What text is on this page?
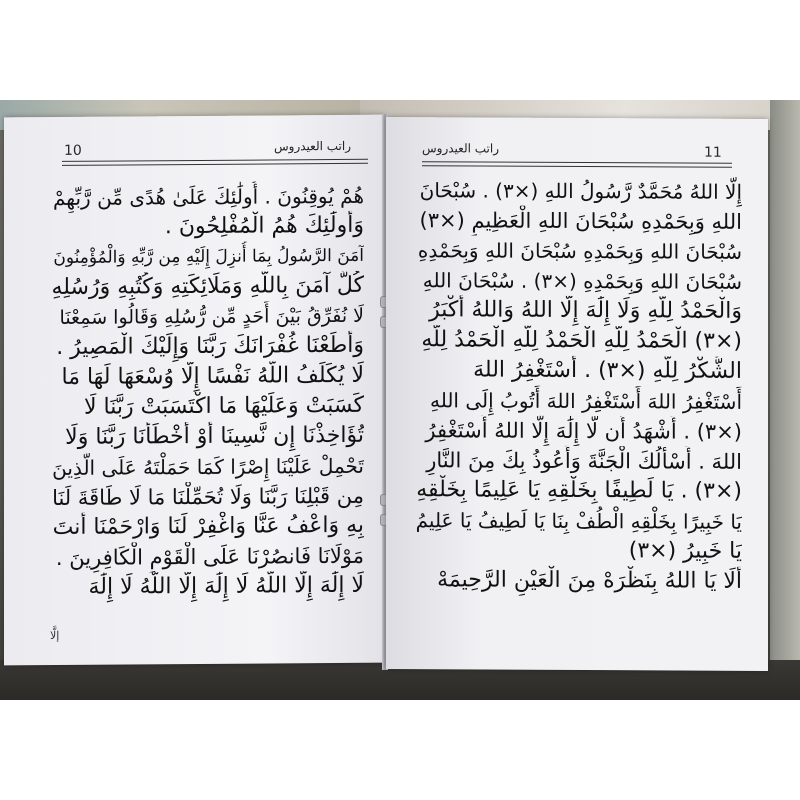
10	راتب العيدروس
هُمْ يُوقِنُونَ . أُولَٰئِكَ عَلَىٰ هُدًى مِّن رَّبِّهِمْ
وَأُولَٰئِكَ هُمُ الْمُفْلِحُونَ .
آمَنَ الرَّسُولُ بِمَا أُنزِلَ إِلَيْهِ مِن رَّبِّهِ وَالْمُؤْمِنُونَ
كُلٌّ آمَنَ بِاللَّهِ وَمَلَائِكَتِهِ وَكُتُبِهِ وَرُسُلِهِ
لَا نُفَرِّقُ بَيْنَ أَحَدٍ مِّن رُّسُلِهِ وَقَالُوا سَمِعْنَا
وَأَطَعْنَا غُفْرَانَكَ رَبَّنَا وَإِلَيْكَ الْمَصِيرُ .
لَا يُكَلِّفُ اللَّهُ نَفْسًا إِلَّا وُسْعَهَا لَهَا مَا
كَسَبَتْ وَعَلَيْهَا مَا اكْتَسَبَتْ رَبَّنَا لَا
تُؤَاخِذْنَا إِن نَّسِينَا أَوْ أَخْطَأْنَا رَبَّنَا وَلَا
تَحْمِلْ عَلَيْنَا إِصْرًا كَمَا حَمَلْتَهُ عَلَى الَّذِينَ
مِن قَبْلِنَا رَبَّنَا وَلَا تُحَمِّلْنَا مَا لَا طَاقَةَ لَنَا
بِهِ وَاعْفُ عَنَّا وَاغْفِرْ لَنَا وَارْحَمْنَا أَنتَ
مَوْلَانَا فَانصُرْنَا عَلَى الْقَوْمِ الْكَافِرِينَ .
لَا إِلَٰهَ إِلَّا اللَّهُ لَا إِلَٰهَ إِلَّا اللَّهُ لَا إِلَٰهَ
إلَّا
راتب العيدروس	11
إِلَّا اللهُ مُحَمَّدٌ رَّسُولُ اللهِ (×٣) . سُبْحَانَ
اللهِ وَبِحَمْدِهِ سُبْحَانَ اللهِ الْعَظِيمِ (×٣)
سُبْحَانَ اللهِ وَبِحَمْدِهِ سُبْحَانَ اللهِ وَبِحَمْدِهِ
سُبْحَانَ اللهِ وَبِحَمْدِهِ (×٣) . سُبْحَانَ اللهِ
وَالْحَمْدُ لِلَّهِ وَلَا إِلَٰهَ إِلَّا اللهُ وَاللهُ أَكْبَرُ
(×٣) الْحَمْدُ لِلَّهِ الْحَمْدُ لِلَّهِ الْحَمْدُ لِلَّهِ
الشُّكْرُ لِلَّهِ (×٣) . أَسْتَغْفِرُ اللهَ
أَسْتَغْفِرُ اللهَ أَسْتَغْفِرُ اللهَ أَتُوبُ إِلَى اللهِ
(×٣) . أَشْهَدُ أَن لَّا إِلَٰهَ إِلَّا اللهُ أَسْتَغْفِرُ
اللهَ . أَسْأَلُكَ الْجَنَّةَ وَأَعُوذُ بِكَ مِنَ النَّارِ
(×٣) . يَا لَطِيفًا بِخَلْقِهِ يَا عَلِيمًا بِخَلْقِهِ
يَا خَبِيرًا بِخَلْقِهِ الْطُفْ بِنَا يَا لَطِيفُ يَا عَلِيمُ
يَا خَبِيرُ (×٣)
أَلَا يَا اللهُ بِنَظْرَهْ مِنَ الْعَيْنِ الرَّحِيمَهْ
